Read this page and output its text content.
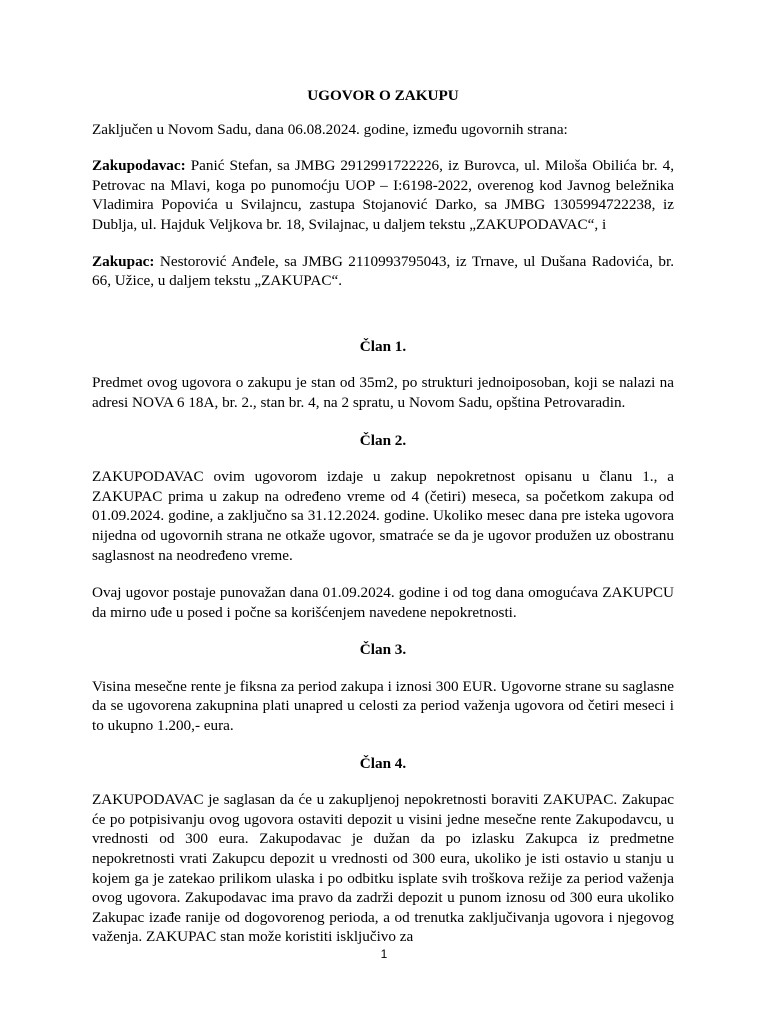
UGOVOR O ZAKUPU

Zaključen u Novom Sadu, dana 06.08.2024. godine, između ugovornih strana:

Zakupodavac: Panić Stefan, sa JMBG 2912991722226, iz Burovca, ul. Miloša Obilića br. 4, Petrovac na Mlavi, koga po punomoćju UOP – I:6198-2022, overenog kod Javnog beležnika Vladimira Popovića u Svilajncu, zastupa Stojanović Darko, sa JMBG 1305994722238, iz Dublja, ul. Hajduk Veljkova br. 18, Svilajnac, u daljem tekstu „ZAKUPODAVAC“, i

Zakupac: Nestorović Anđele, sa JMBG 2110993795043, iz Trnave, ul Dušana Radovića, br. 66, Užice, u daljem tekstu „ZAKUPAC“.

Član 1.

Predmet ovog ugovora o zakupu je stan od 35m2, po strukturi jednoiposoban, koji se nalazi na adresi NOVA 6 18A, br. 2., stan br. 4, na 2 spratu, u Novom Sadu, opština Petrovaradin.

Član 2.

ZAKUPODAVAC ovim ugovorom izdaje u zakup nepokretnost opisanu u članu 1., a ZAKUPAC prima u zakup na određeno vreme od 4 (četiri) meseca, sa početkom zakupa od 01.09.2024. godine, a zaključno sa 31.12.2024. godine. Ukoliko mesec dana pre isteka ugovora nijedna od ugovornih strana ne otkaže ugovor, smatraće se da je ugovor produžen uz obostranu saglasnost na neodređeno vreme.

Ovaj ugovor postaje punovažan dana 01.09.2024. godine i od tog dana omogućava ZAKUPCU da mirno uđe u posed i počne sa korišćenjem navedene nepokretnosti.

Član 3.

Visina mesečne rente je fiksna za period zakupa i iznosi 300 EUR. Ugovorne strane su saglasne da se ugovorena zakupnina plati unapred u celosti za period važenja ugovora od četiri meseci i to ukupno 1.200,- eura.

Član 4.

ZAKUPODAVAC je saglasan da će u zakupljenoj nepokretnosti boraviti ZAKUPAC. Zakupac će po potpisivanju ovog ugovora ostaviti depozit u visini jedne mesečne rente Zakupodavcu, u vrednosti od 300 eura. Zakupodavac je dužan da po izlasku Zakupca iz predmetne nepokretnosti vrati Zakupcu depozit u vrednosti od 300 eura, ukoliko je isti ostavio u stanju u kojem ga je zatekao prilikom ulaska i po odbitku isplate svih troškova režije za period važenja ovog ugovora. Zakupodavac ima pravo da zadrži depozit u punom iznosu od 300 eura ukoliko Zakupac izađe ranije od dogovorenog perioda, a od trenutka zaključivanja ugovora i njegovog važenja. ZAKUPAC stan može koristiti isključivo za

1
